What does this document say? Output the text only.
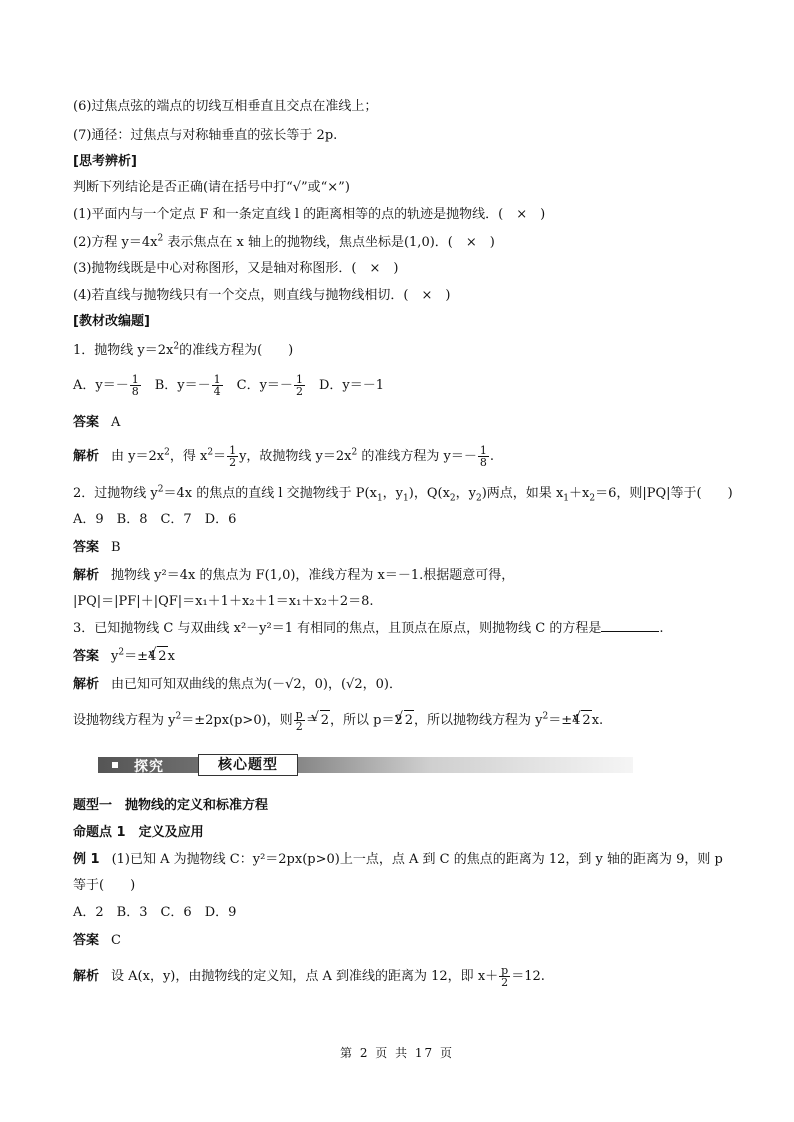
(6)过焦点弦的端点的切线互相垂直且交点在准线上；
(7)通径：过焦点与对称轴垂直的弦长等于 2p.
[思考辨析]
判断下列结论是否正确(请在括号中打“√”或“×”)
(1)平面内与一个定点 F 和一条定直线 l 的距离相等的点的轨迹是抛物线．(　×　)
(2)方程 $y=4x^2$ 表示焦点在 x 轴上的抛物线，焦点坐标是(1,0)．(　×　)
(3)抛物线既是中心对称图形，又是轴对称图形．(　×　)
(4)若直线与抛物线只有一个交点，则直线与抛物线相切．(　×　)
[教材改编题]
1．抛物线 $y=2x^2$的准线方程为(　　)
A．$y=- \frac{1}{8}$ 　B．$y=- \frac{1}{4}$ 　C．$y=- \frac{1}{2}$ 　D．y＝－1
答案 A
解析 由 $y=2x^2$，得 $x^2= \frac{1}{2}$ y，故抛物线 $y=2x^2$ 的准线方程为 $y=- \frac{1}{8}$ .
2．过抛物线 $y^2=4x$ 的焦点的直线 l 交抛物线于 $P(x_1$，$y_1$)，$Q(x_2$，$y_2$)两点，如果 $x_1+x_2=6$，则|PQ|等于(　　)
A．9　B．8　C．7　D．6
答案 B
解析 抛物线 y²＝4x 的焦点为 F(1,0)，准线方程为 x＝－1.根据题意可得，
|PQ|＝|PF|＋|QF|＝x₁＋1＋x₂＋1＝x₁＋x₂＋2＝8.
3．已知抛物线 C 与双曲线 x²－y²＝1 有相同的焦点，且顶点在原点，则抛物线 C 的方程是	.
答案 $y^2=\pm 4√$ 2x
解析 由已知可知双曲线的焦点为(－√2，0)，(√2，0)．
设抛物线方程为 $y^2=\pm 2px(p>0)$，则 $\frac{p}{2}$ ＝√ 2，所以 p＝2√ 2，所以抛物线方程为 $y^2=\pm 4√$ 2x.
探究	核心题型
题型一　抛物线的定义和标准方程
命题点 1　定义及应用
例 1 (1)已知 A 为抛物线 C：y²＝2px(p>0)上一点，点 A 到 C 的焦点的距离为 12，到 y 轴的距离为 9，则 p
等于(　　)
A．2　B．3　C．6　D．9
答案 C
解析 设 A(x，y)，由抛物线的定义知，点 A 到准线的距离为 12，即 $x+ \frac{p}{2} =12$.
第 2 页 共 17 页
